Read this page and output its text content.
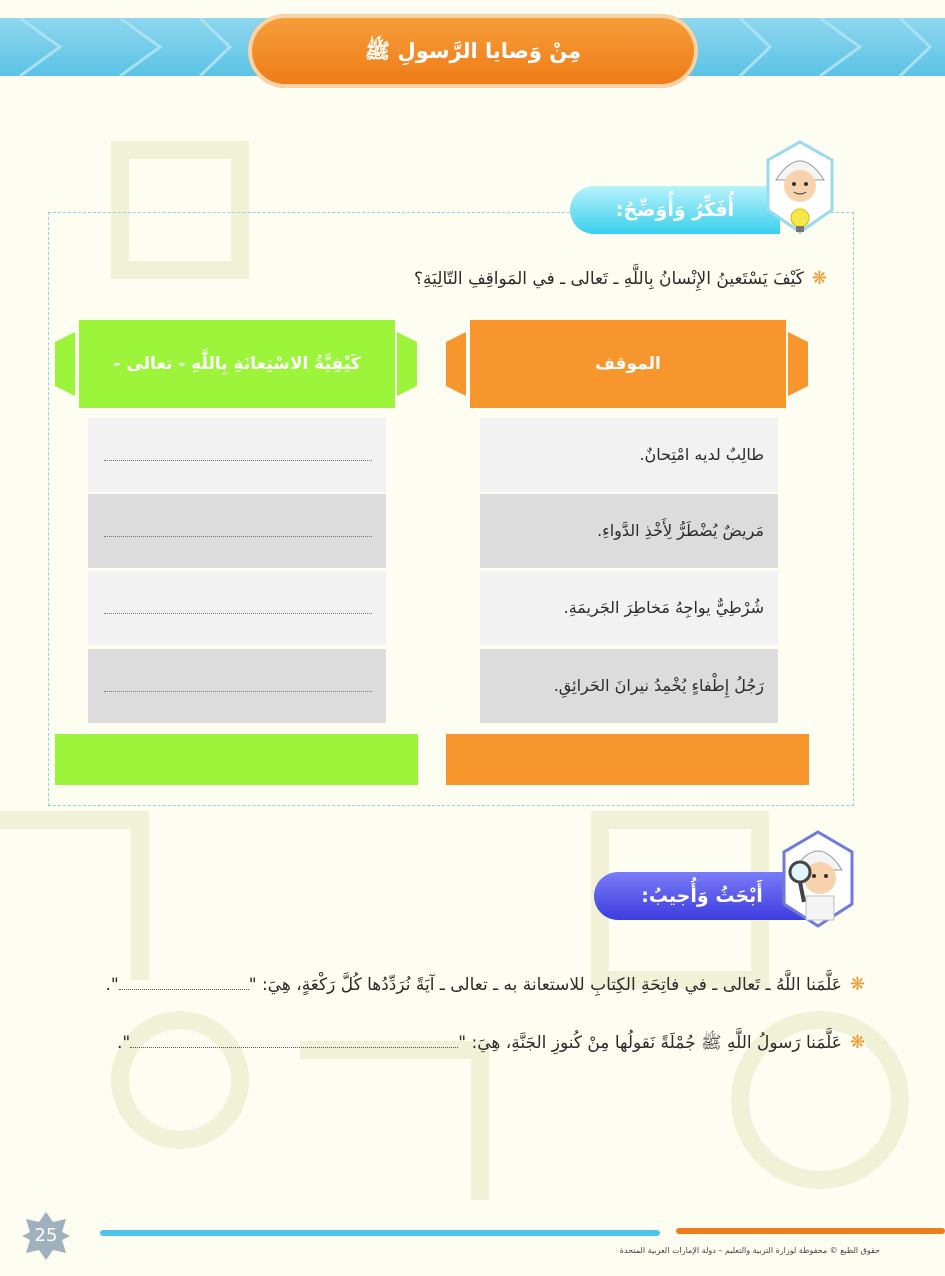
مِنْ وَصايا الرَّسولِ ﷺ
أُفَكِّرُ وَأُوَضِّحُ:
❋كَيْفَ يَسْتَعينُ الإِنْسانُ بِاللَّهِ ـ تَعالى ـ في المَواقِفِ التّالِيَةِ؟
الموقف
كَيْفِيَّةُ الاسْتِعانَةِ بِاللَّهِ - تعالى -
طالِبٌ لديه امْتِحانٌ.
مَريضٌ يُضْطَرُّ لِأَخْذِ الدَّواءِ.
شُرْطِيٌّ يواجِهُ مَخاطِرَ الجَريمَةِ.
رَجُلُ إِطْفاءٍ يُخْمِدُ نيرانَ الحَرائِقِ.
أَبْحَثُ وَأُجيبُ:
❋عَلَّمَنا اللَّهُ ـ تَعالى ـ في فاتِحَةِ الكِتابِ للاستعانة به ـ تعالى ـ آيَةً نُرَدِّدُها كُلَّ رَكْعَةٍ، هِيَ: "".
❋عَلَّمَنا رَسولُ اللَّهِ ﷺ جُمْلَةً نَقولُها مِنْ كُنوزِ الجَنَّةِ، هِيَ: "".
25
حقوق الطبع © محفوظة لوزارة التربية والتعليم – دولة الإمارات العربية المتحدة
